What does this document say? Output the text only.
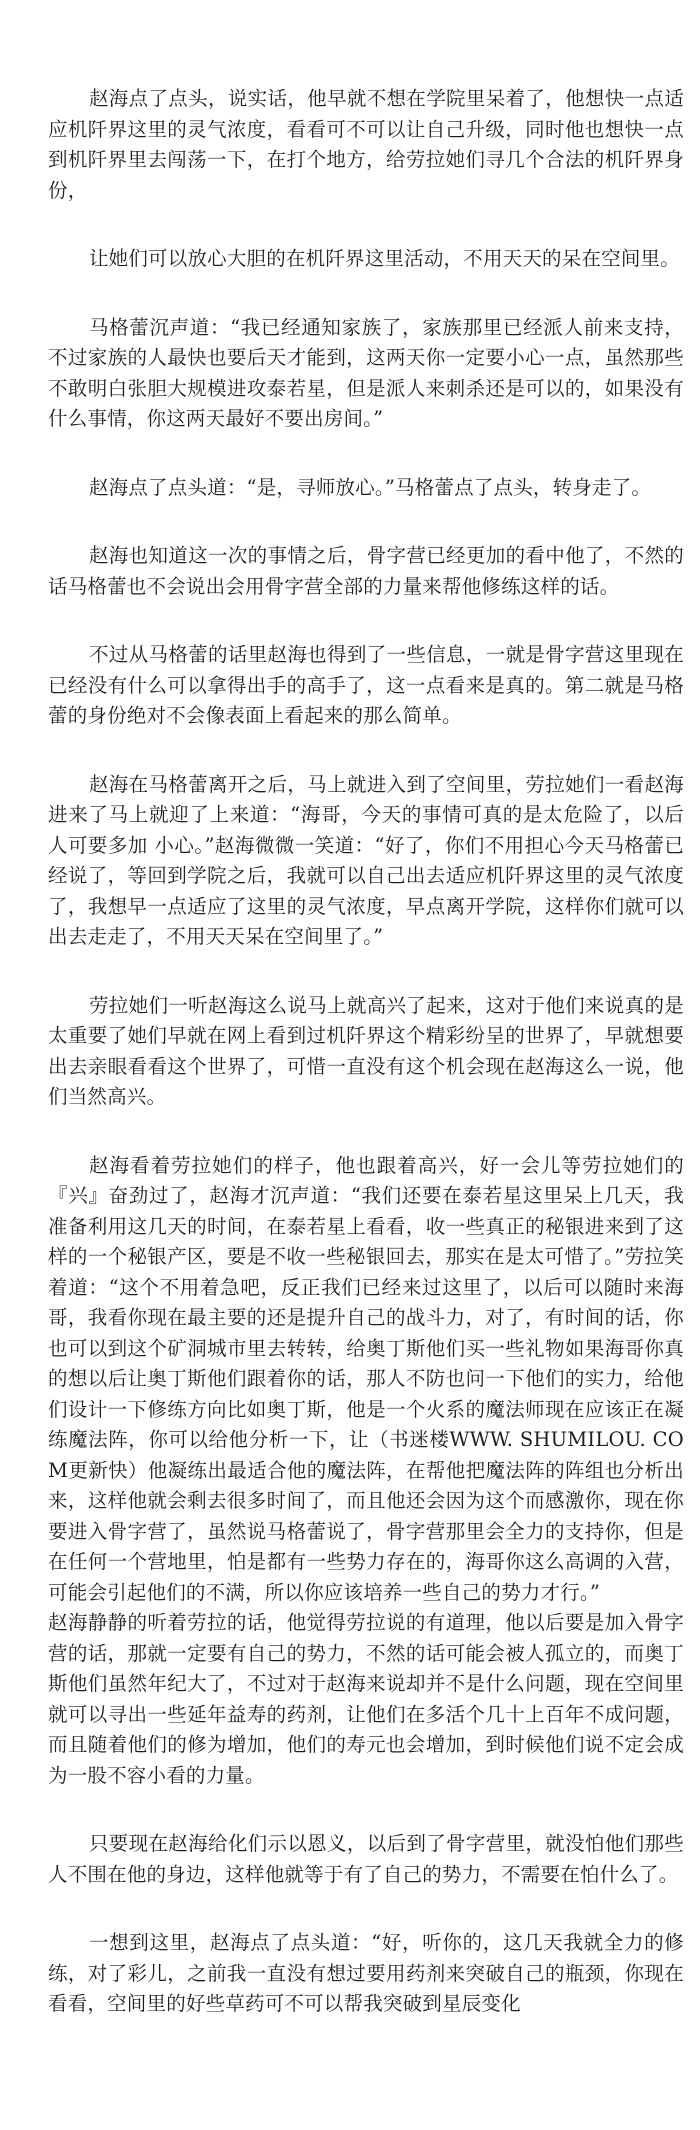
赵海点了点头，说实话，他早就不想在学院里呆着了，他想快一点适应机阡界这里的灵气浓度，看看可不可以让自己升级，同时他也想快一点到机阡界里去闯荡一下，在打个地方，给劳拉她们寻几个合法的机阡界身份，

让她们可以放心大胆的在机阡界这里活动，不用天天的呆在空间里。

马格蕾沉声道：“我已经通知家族了，家族那里已经派人前来支持，不过家族的人最快也要后天才能到，这两天你一定要小心一点，虽然那些不敢明白张胆大规模进攻泰若星，但是派人来刺杀还是可以的，如果没有什么事情，你这两天最好不要出房间。”

赵海点了点头道：“是，寻师放心。”马格蕾点了点头，转身走了。

赵海也知道这一次的事情之后，骨字营已经更加的看中他了，不然的话马格蕾也不会说出会用骨字营全部的力量来帮他修练这样的话。

不过从马格蕾的话里赵海也得到了一些信息，一就是骨字营这里现在已经没有什么可以拿得出手的高手了，这一点看来是真的。第二就是马格蕾的身份绝对不会像表面上看起来的那么简单。

赵海在马格蕾离开之后，马上就进入到了空间里，劳拉她们一看赵海进来了马上就迎了上来道：“海哥，今天的事情可真的是太危险了，以后人可要多加 小心。”赵海微微一笑道：“好了，你们不用担心今天马格蕾已经说了，等回到学院之后，我就可以自己出去适应机阡界这里的灵气浓度了，我想早一点适应了这里的灵气浓度，早点离开学院，这样你们就可以出去走走了，不用天天呆在空间里了。”

劳拉她们一听赵海这么说马上就高兴了起来，这对于他们来说真的是太重要了她们早就在网上看到过机阡界这个精彩纷呈的世界了，早就想要出去亲眼看看这个世界了，可惜一直没有这个机会现在赵海这么一说，他们当然高兴。

赵海看着劳拉她们的样子，他也跟着高兴，好一会儿等劳拉她们的『兴』奋劲过了，赵海才沉声道：“我们还要在泰若星这里呆上几天，我准备利用这几天的时间，在泰若星上看看，收一些真正的秘银进来到了这样的一个秘银产区，要是不收一些秘银回去，那实在是太可惜了。”劳拉笑着道：“这个不用着急吧，反正我们已经来过这里了，以后可以随时来海哥，我看你现在最主要的还是提升自己的战斗力，对了，有时间的话，你也可以到这个矿洞城市里去转转，给奥丁斯他们买一些礼物如果海哥你真的想以后让奥丁斯他们跟着你的话，那人不防也问一下他们的实力，给他们设计一下修练方向比如奥丁斯，他是一个火系的魔法师现在应该正在凝练魔法阵，你可以给他分析一下，让（书迷楼WWW. SHUMILOU. COM更新快）他凝练出最适合他的魔法阵，在帮他把魔法阵的阵组也分析出来，这样他就会剩去很多时间了，而且他还会因为这个而感激你，现在你要进入骨字营了，虽然说马格蕾说了，骨字营那里会全力的支持你，但是在任何一个营地里，怕是都有一些势力存在的，海哥你这么高调的入营，可能会引起他们的不满，所以你应该培养一些自己的势力才行。”

赵海静静的听着劳拉的话，他觉得劳拉说的有道理，他以后要是加入骨字营的话，那就一定要有自己的势力，不然的话可能会被人孤立的，而奥丁斯他们虽然年纪大了，不过对于赵海来说却并不是什么问题，现在空间里就可以寻出一些延年益寿的药剂，让他们在多活个几十上百年不成问题，而且随着他们的修为增加，他们的寿元也会增加，到时候他们说不定会成为一股不容小看的力量。

只要现在赵海给化们示以恩义，以后到了骨字营里，就没怕他们那些人不围在他的身边，这样他就等于有了自己的势力，不需要在怕什么了。

一想到这里，赵海点了点头道：“好，听你的，这几天我就全力的修练，对了彩儿，之前我一直没有想过要用药剂来突破自己的瓶颈，你现在看看，空间里的好些草药可不可以帮我突破到星辰变化
